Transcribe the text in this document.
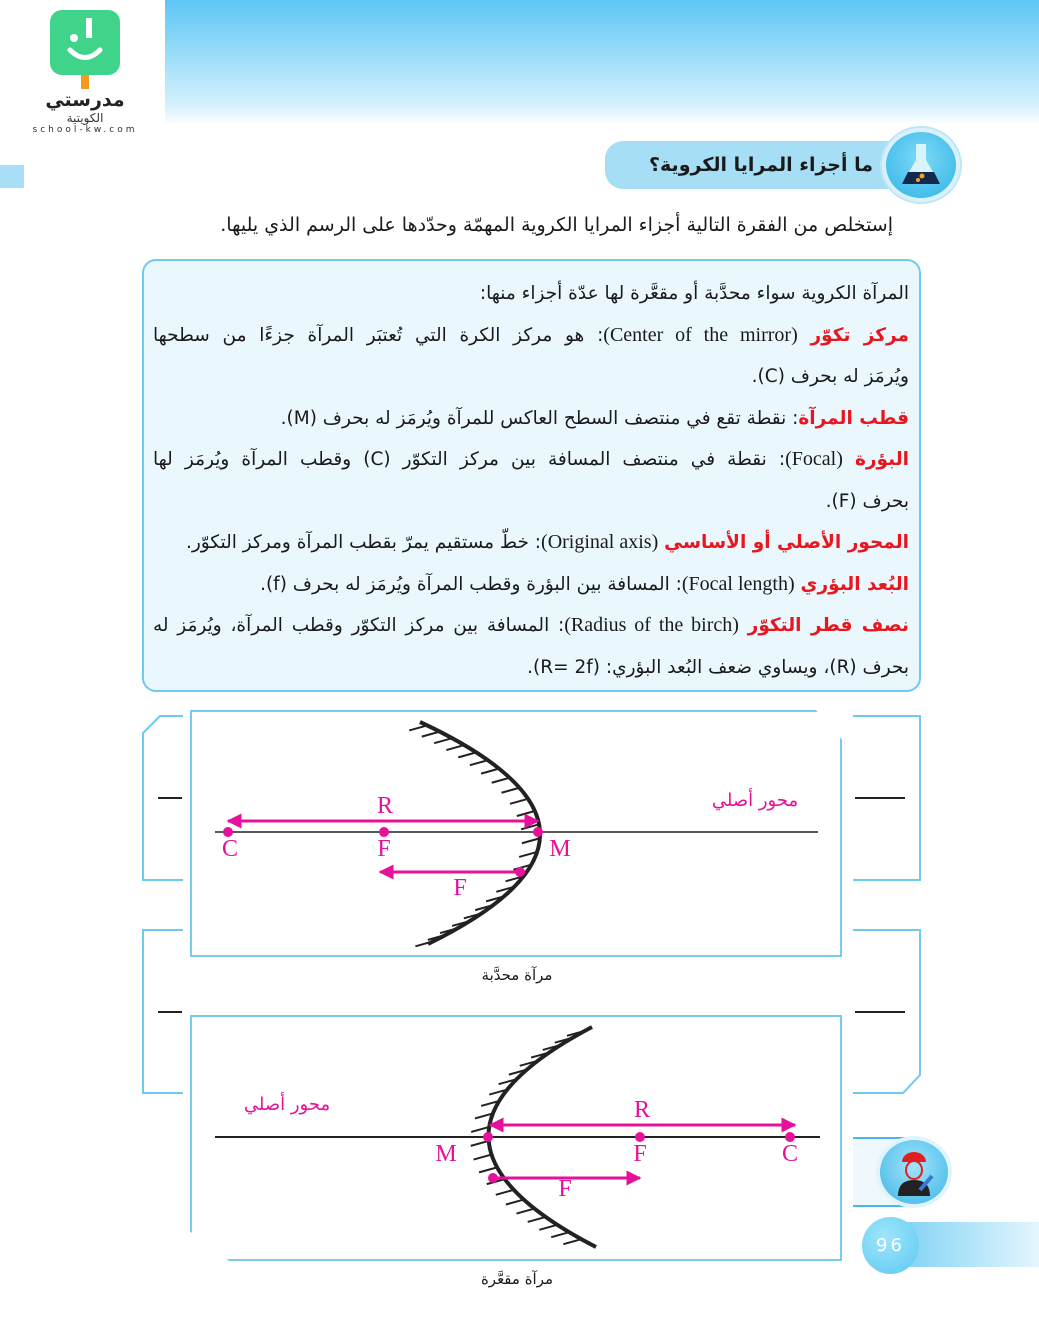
مدرستي
الكويتية
school-kw.com
ما أجزاء المرايا الكروية؟
إستخلص من الفقرة التالية أجزاء المرايا الكروية المهمّة وحدّدها على الرسم الذي يليها.
المرآة الكروية سواء محدَّبة أو مقعَّرة لها عدّة أجزاء منها:
مركز تكوّر (Center of the mirror): هو مركز الكرة التي تُعتبَر المرآة جزءًا من سطحها
ويُرمَز له بحرف (C).
قطب المرآة: نقطة تقع في منتصف السطح العاكس للمرآة ويُرمَز له بحرف (M).
البؤرة (Focal): نقطة في منتصف المسافة بين مركز التكوّر (C) وقطب المرآة ويُرمَز لها
بحرف (F).
المحور الأصلي أو الأساسي (Original axis): خطّ مستقيم يمرّ بقطب المرآة ومركز التكوّر.
البُعد البؤري (Focal length): المسافة بين البؤرة وقطب المرآة ويُرمَز له بحرف (f).
نصف قطر التكوّر (Radius of the birch): المسافة بين مركز التكوّر وقطب المرآة، ويُرمَز له
بحرف (R)، ويساوي ضعف البُعد البؤري: (R= 2f).
R
C	F	M
F
محور أصلي
R
M	F	C
F
محور أصلي
مرآة محدَّبة
مرآة مقعَّرة
96
